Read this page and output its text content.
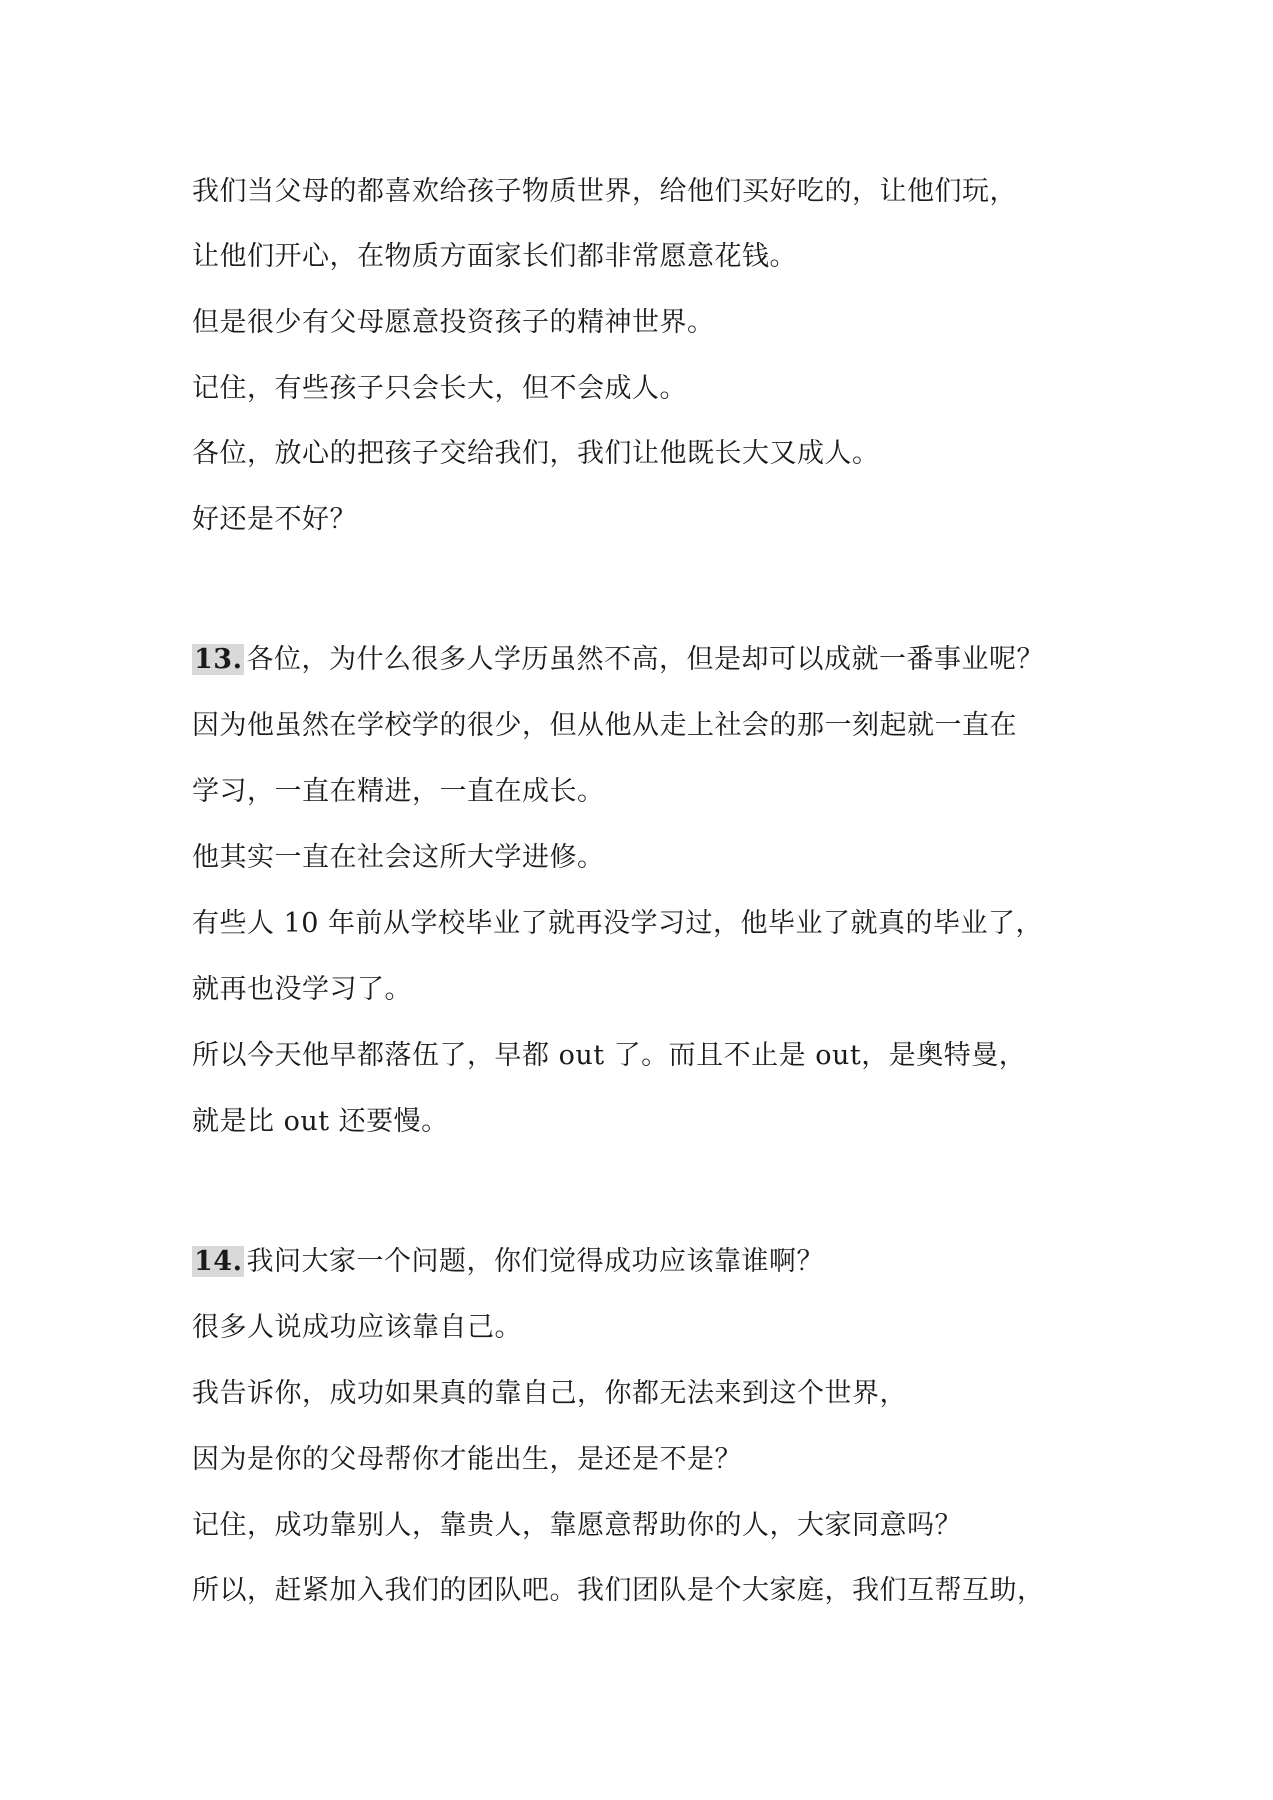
我们当父母的都喜欢给孩子物质世界，给他们买好吃的，让他们玩，
让他们开心，在物质方面家长们都非常愿意花钱。
但是很少有父母愿意投资孩子的精神世界。
记住，有些孩子只会长大，但不会成人。
各位，放心的把孩子交给我们，我们让他既长大又成人。
好还是不好？
13. 各位，为什么很多人学历虽然不高，但是却可以成就一番事业呢？
因为他虽然在学校学的很少，但从他从走上社会的那一刻起就一直在
学习，一直在精进，一直在成长。
他其实一直在社会这所大学进修。
有些人 10 年前从学校毕业了就再没学习过，他毕业了就真的毕业了，
就再也没学习了。
所以今天他早都落伍了，早都 out 了。而且不止是 out，是奥特曼，
就是比 out 还要慢。
14. 我问大家一个问题，你们觉得成功应该靠谁啊？
很多人说成功应该靠自己。
我告诉你，成功如果真的靠自己，你都无法来到这个世界，
因为是你的父母帮你才能出生，是还是不是？
记住，成功靠别人，靠贵人，靠愿意帮助你的人，大家同意吗？
所以，赶紧加入我们的团队吧。我们团队是个大家庭，我们互帮互助，
